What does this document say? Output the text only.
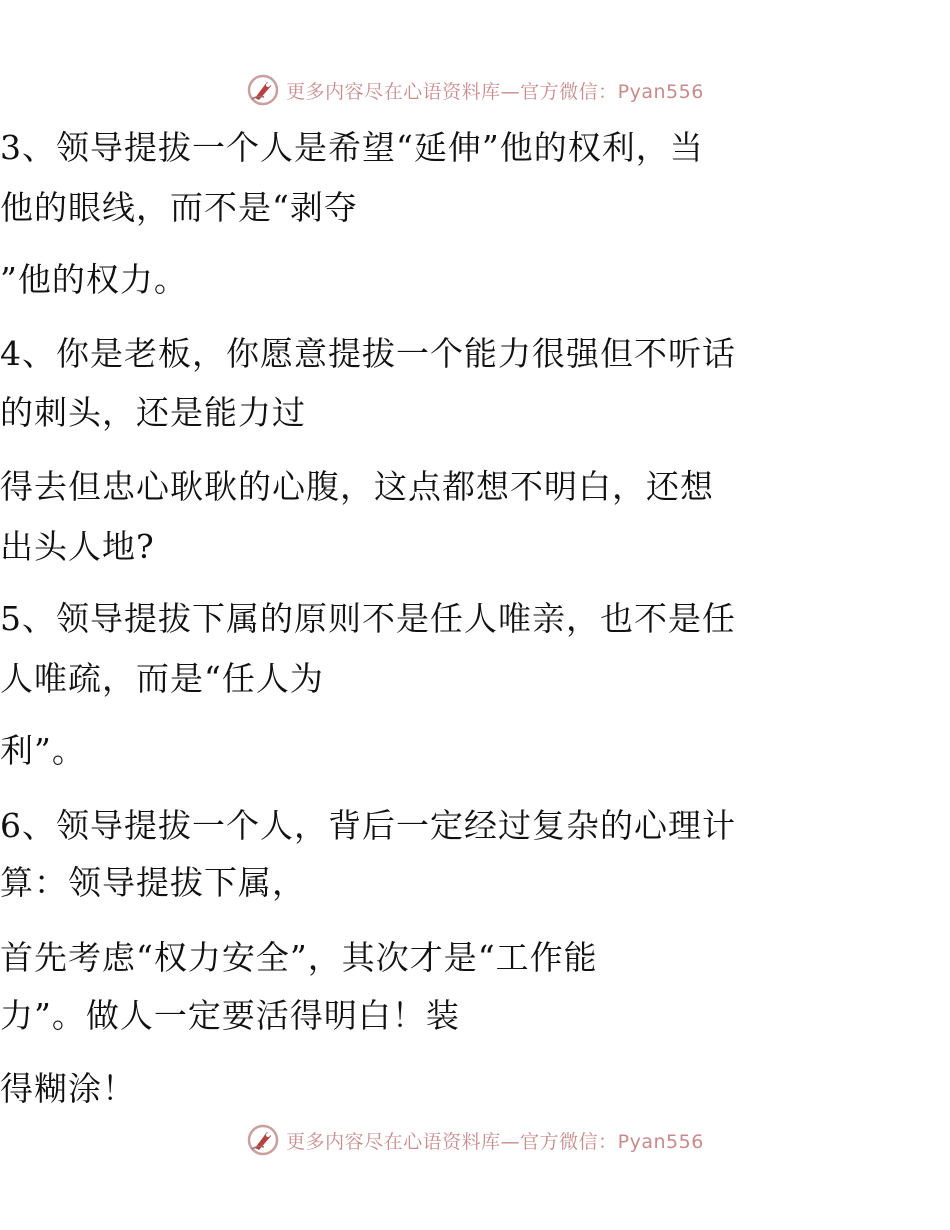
更多内容尽在心语资料库—官方微信：Pyan556
3、领导提拔一个人是希望“延伸”他的权利，当
他的眼线，而不是“剥夺
”他的权力。
4、你是老板，你愿意提拔一个能力很强但不听话
的刺头，还是能力过
得去但忠心耿耿的心腹，这点都想不明白，还想
出头人地?
5、领导提拔下属的原则不是任人唯亲，也不是任
人唯疏，而是“任人为
利”。
6、领导提拔一个人，背后一定经过复杂的心理计
算：领导提拔下属，
首先考虑“权力安全”，其次才是“工作能
力”。做人一定要活得明白！装
得糊涂！
更多内容尽在心语资料库—官方微信：Pyan556
